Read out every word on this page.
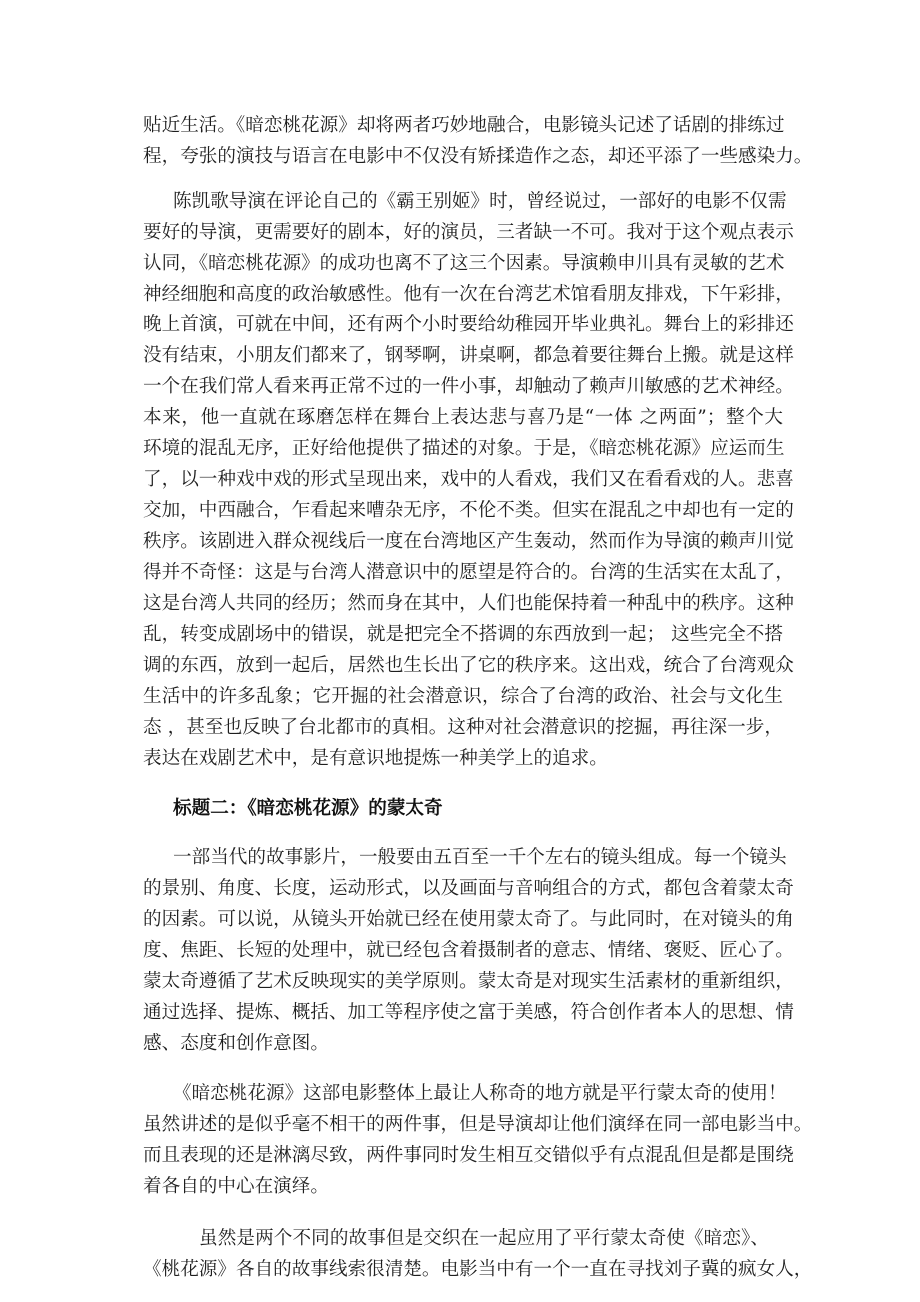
贴近生活。《暗恋桃花源》却将两者巧妙地融合，电影镜头记述了话剧的排练过

程，夸张的演技与语言在电影中不仅没有矫揉造作之态，却还平添了一些感染力。

陈凯歌导演在评论自己的《霸王别姬》时，曾经说过，一部好的电影不仅需

要好的导演，更需要好的剧本，好的演员，三者缺一不可。我对于这个观点表示

认同，《暗恋桃花源》的成功也离不了这三个因素。导演赖申川具有灵敏的艺术

神经细胞和高度的政治敏感性。他有一次在台湾艺术馆看朋友排戏，下午彩排，

晚上首演，可就在中间，还有两个小时要给幼稚园开毕业典礼。舞台上的彩排还

没有结束，小朋友们都来了，钢琴啊，讲桌啊，都急着要往舞台上搬。就是这样

一个在我们常人看来再正常不过的一件小事，却触动了赖声川敏感的艺术神经。

本来，他一直就在琢磨怎样在舞台上表达悲与喜乃是“一体 之两面”；整个大

环境的混乱无序，正好给他提供了描述的对象。于是，《暗恋桃花源》应运而生

了，以一种戏中戏的形式呈现出来，戏中的人看戏，我们又在看看戏的人。悲喜

交加，中西融合，乍看起来嘈杂无序，不伦不类。但实在混乱之中却也有一定的

秩序。该剧进入群众视线后一度在台湾地区产生轰动，然而作为导演的赖声川觉

得并不奇怪：这是与台湾人潜意识中的愿望是符合的。台湾的生活实在太乱了，

这是台湾人共同的经历；然而身在其中，人们也能保持着一种乱中的秩序。这种

乱，转变成剧场中的错误，就是把完全不搭调的东西放到一起； 这些完全不搭

调的东西，放到一起后，居然也生长出了它的秩序来。这出戏，统合了台湾观众

生活中的许多乱象；它开掘的社会潜意识，综合了台湾的政治、社会与文化生

态 ，甚至也反映了台北都市的真相。这种对社会潜意识的挖掘，再往深一步，

表达在戏剧艺术中，是有意识地提炼一种美学上的追求。

标题二：《暗恋桃花源》的蒙太奇

一部当代的故事影片，一般要由五百至一千个左右的镜头组成。每一个镜头

的景别、角度、长度，运动形式，以及画面与音响组合的方式，都包含着蒙太奇

的因素。可以说，从镜头开始就已经在使用蒙太奇了。与此同时，在对镜头的角

度、焦距、长短的处理中，就已经包含着摄制者的意志、情绪、褒贬、匠心了。

蒙太奇遵循了艺术反映现实的美学原则。蒙太奇是对现实生活素材的重新组织，

通过选择、提炼、概括、加工等程序使之富于美感，符合创作者本人的思想、情

感、态度和创作意图。

《暗恋桃花源》这部电影整体上最让人称奇的地方就是平行蒙太奇的使用！

虽然讲述的是似乎毫不相干的两件事，但是导演却让他们演绎在同一部电影当中。

而且表现的还是淋漓尽致，两件事同时发生相互交错似乎有点混乱但是都是围绕

着各自的中心在演绎。

虽然是两个不同的故事但是交织在一起应用了平行蒙太奇使《暗恋》、

《桃花源》各自的故事线索很清楚。电影当中有一个一直在寻找刘子冀的疯女人，
